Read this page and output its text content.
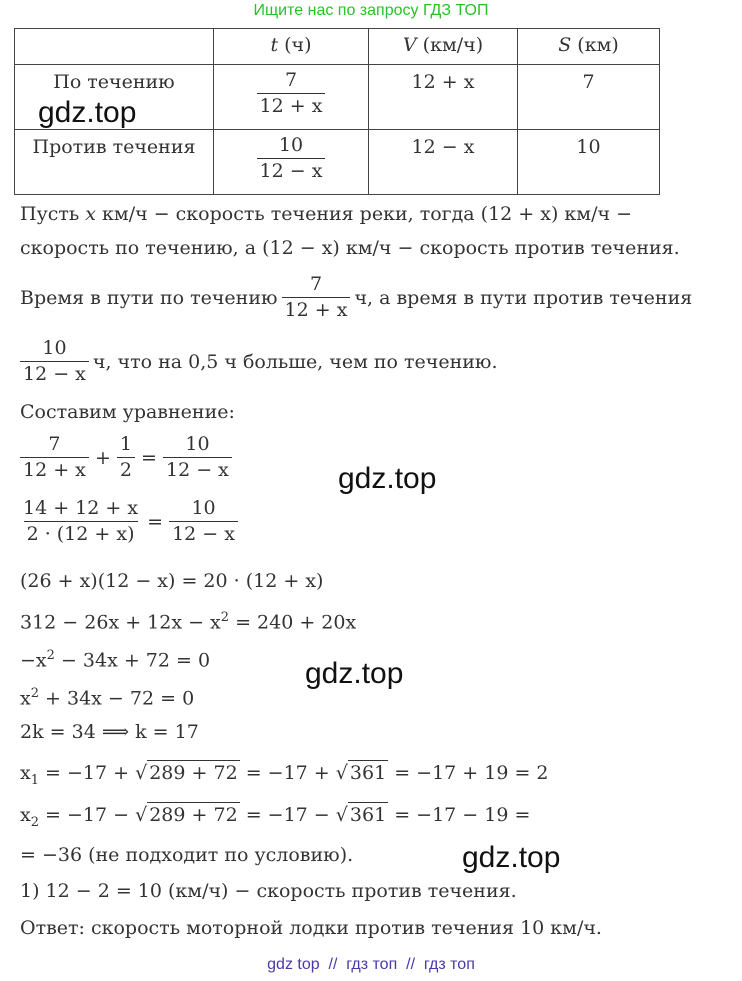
Ищите нас по запросу ГДЗ ТОП
	t (ч)	V (км/ч)	S (км)
По течению	$\frac{7}{12 + x}$	12 + x	7
Против течения	$\frac{10}{12 - x}$	12 − x	10
gdz.top
Пусть x км/ч − скорость течения реки, тогда (12 + x) км/ч −
скорость по течению, а (12 − x) км/ч − скорость против течения.
Время в пути по течению $\frac{7}{12 + x} ч$, а время в пути против течения
$\frac{10}{12 - x} ч$, что на 0,5 ч больше, чем по течению.
Составим уравнение:
$\frac{7}{12 + x} + \frac{1}{2} = \frac{10}{12 - x}$	gdz.top
$\frac{14 + 12 + x}{2 \cdot (12 + x)} = \frac{10}{12 - x}$
(26 + x)(12 − x) = 20 · (12 + x)
$312 - 26x + 12x - x^2 = 240 + 20x$
$-x^2 - 34x + 72 = 0$	gdz.top
$x^2 + 34x - 72 = 0$
2k = 34 ⟹ k = 17
$x_1 = -17$ + √ 289 + 72 = −17 + √ 361 = −17 + 19 = 2
$x_2 = -17$ − √ 289 + 72 = −17 − √ 361 = −17 − 19 =
= −36 (не подходит по условию).	gdz.top
1) 12 − 2 = 10 (км/ч) − скорость против течения.
Ответ: скорость моторной лодки против течения 10 км/ч.
gdz top  //  гдз топ  //  гдз топ
